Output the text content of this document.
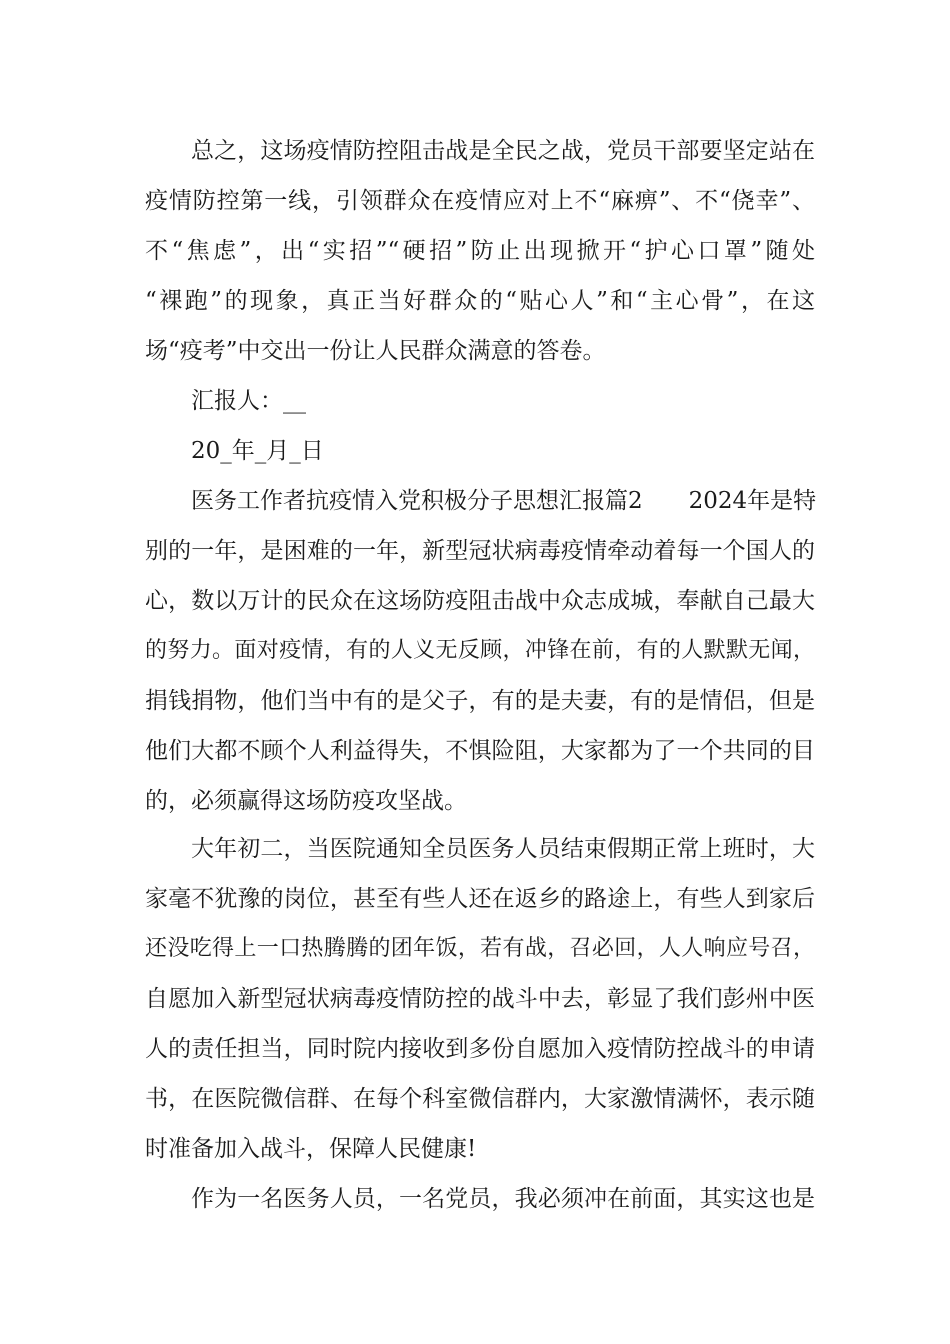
总之，这场疫情防控阻击战是全民之战，党员干部要坚定站在

疫情防控第一线，引领群众在疫情应对上不“麻痹”、不“侥幸”、

不“焦虑”，出“实招”“硬招”防止出现掀开“护心口罩”随处

“裸跑”的现象，真正当好群众的“贴心人”和“主心骨”，在这

场“疫考”中交出一份让人民群众满意的答卷。

汇报人：__

20_年_月_日

医务工作者抗疫情入党积极分子思想汇报篇2　　2024年是特

别的一年，是困难的一年，新型冠状病毒疫情牵动着每一个国人的

心，数以万计的民众在这场防疫阻击战中众志成城，奉献自己最大

的努力。面对疫情，有的人义无反顾，冲锋在前，有的人默默无闻，

捐钱捐物，他们当中有的是父子，有的是夫妻，有的是情侣，但是

他们大都不顾个人利益得失，不惧险阻，大家都为了一个共同的目

的，必须赢得这场防疫攻坚战。

大年初二，当医院通知全员医务人员结束假期正常上班时，大

家毫不犹豫的岗位，甚至有些人还在返乡的路途上，有些人到家后

还没吃得上一口热腾腾的团年饭，若有战，召必回，人人响应号召，

自愿加入新型冠状病毒疫情防控的战斗中去，彰显了我们彭州中医

人的责任担当，同时院内接收到多份自愿加入疫情防控战斗的申请

书，在医院微信群、在每个科室微信群内，大家激情满怀，表示随

时准备加入战斗，保障人民健康!

作为一名医务人员，一名党员，我必须冲在前面，其实这也是
